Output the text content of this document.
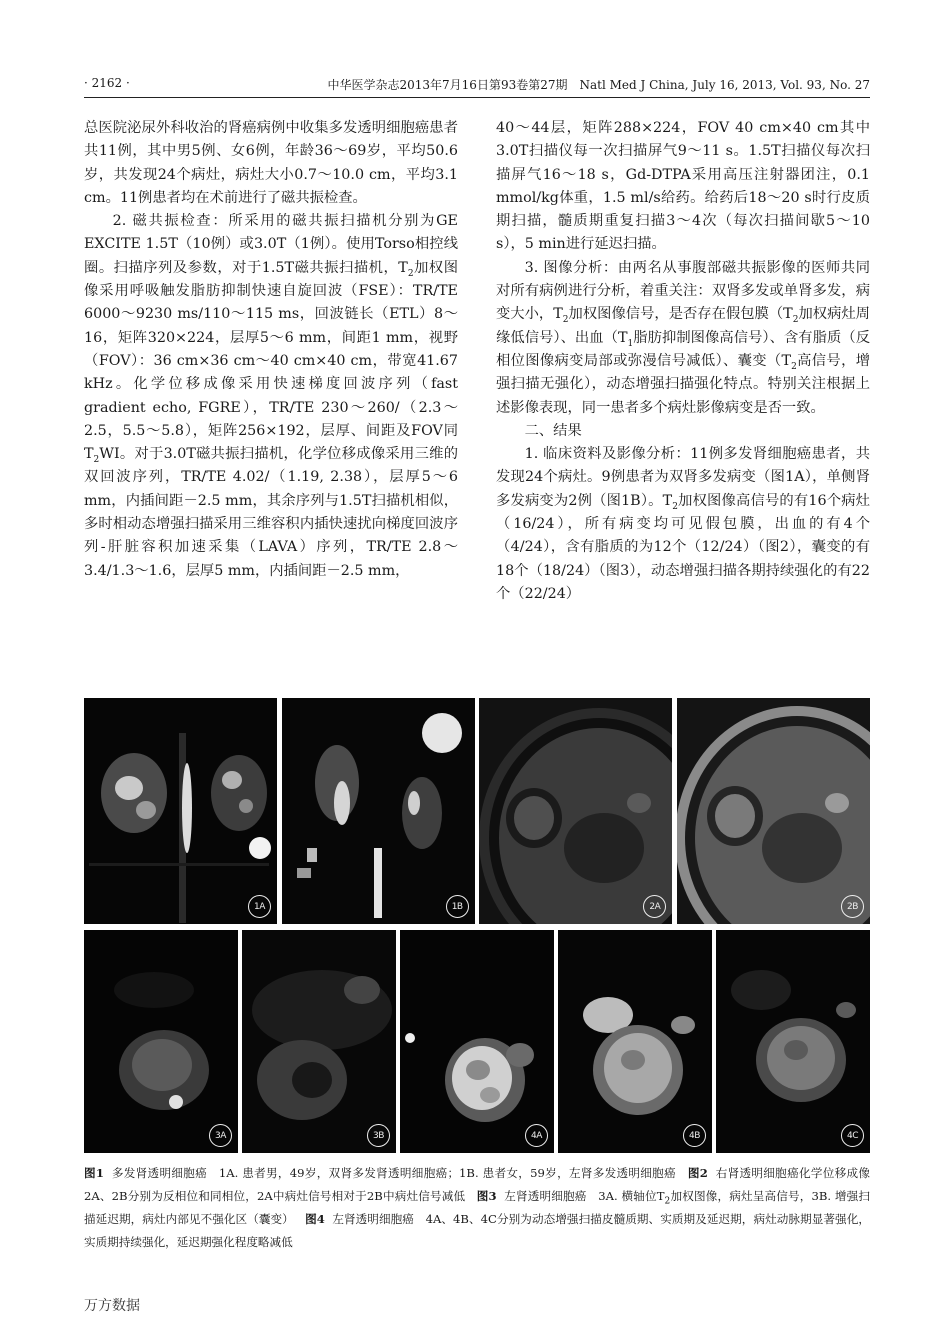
· 2162 ·	中华医学杂志2013年7月16日第93卷第27期　Natl Med J China, July 16, 2013, Vol. 93, No. 27

总医院泌尿外科收治的肾癌病例中收集多发透明细胞癌患者共11例，其中男5例、女6例，年龄36～69岁，平均50.6岁，共发现24个病灶，病灶大小0.7～10.0 cm，平均3.1 cm。11例患者均在术前进行了磁共振检查。

2. 磁共振检查：所采用的磁共振扫描机分别为GE EXCITE 1.5T（10例）或3.0T（1例）。使用Torso相控线圈。扫描序列及参数，对于1.5T磁共振扫描机，$T_2$加权图像采用呼吸触发脂肪抑制快速自旋回波（FSE）：TR/TE 6000～9230 ms/110～115 ms，回波链长（ETL）8～16，矩阵320×224，层厚5～6 mm，间距1 mm，视野（FOV）：36 cm×36 cm～40 cm×40 cm，带宽41.67 kHz。化学位移成像采用快速梯度回波序列（fast gradient echo, FGRE），TR/TE 230～260/（2.3～2.5，5.5～5.8），矩阵256×192，层厚、间距及FOV同$T_2WI$。对于3.0T磁共振扫描机，化学位移成像采用三维的双回波序列，TR/TE 4.02/（1.19, 2.38），层厚5～6 mm，内插间距－2.5 mm，其余序列与1.5T扫描机相似，多时相动态增强扫描采用三维容积内插快速扰向梯度回波序列-肝脏容积加速采集（LAVA）序列，TR/TE 2.8～3.4/1.3～1.6，层厚5 mm，内插间距－2.5 mm，

40～44层，矩阵288×224，FOV 40 cm×40 cm其中3.0T扫描仪每一次扫描屏气9～11 s。1.5T扫描仪每次扫描屏气16～18 s，Gd-DTPA采用高压注射器团注，0.1 mmol/kg体重，1.5 ml/s给药。给药后18～20 s时行皮质期扫描，髓质期重复扫描3～4次（每次扫描间歇5～10 s），5 min进行延迟扫描。

3. 图像分析：由两名从事腹部磁共振影像的医师共同对所有病例进行分析，着重关注：双肾多发或单肾多发，病变大小，$T_2$加权图像信号，是否存在假包膜（$T_2$加权病灶周缘低信号）、出血（$T_1$脂肪抑制图像高信号）、含有脂质（反相位图像病变局部或弥漫信号减低）、囊变（$T_2$高信号，增强扫描无强化），动态增强扫描强化特点。特别关注根据上述影像表现，同一患者多个病灶影像病变是否一致。

二、结果

1. 临床资料及影像分析：11例多发肾细胞癌患者，共发现24个病灶。9例患者为双肾多发病变（图1A），单侧肾多发病变为2例（图1B）。$T_2$加权图像高信号的有16个病灶（16/24），所有病变均可见假包膜，出血的有4个（4/24），含有脂质的为12个（12/24）（图2），囊变的有18个（18/24）（图3），动态增强扫描各期持续强化的有22个（22/24）

1A	1B	2A	2B
3A	3B	4A	4B	4C
图1 多发肾透明细胞癌　1A. 患者男，49岁，双肾多发肾透明细胞癌；1B. 患者女，59岁，左肾多发透明细胞癌 图2 右肾透明细胞癌化学位移成像　2A、2B分别为反相位和同相位，2A中病灶信号相对于2B中病灶信号减低 图3 左肾透明细胞癌　3A. 横轴位$T_2$加权图像，病灶呈高信号，3B. 增强扫描延迟期，病灶内部见不强化区（囊变） 图4 左肾透明细胞癌　4A、4B、4C分别为动态增强扫描皮髓质期、实质期及延迟期，病灶动脉期显著强化，实质期持续强化，延迟期强化程度略减低
万方数据
